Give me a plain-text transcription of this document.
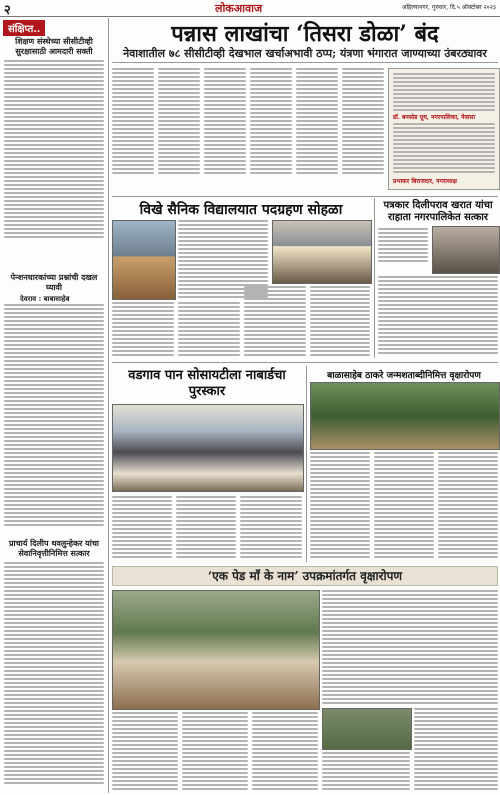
२	लोकआवाज	अहिल्यानगर, गुरुवार, दि.५ ऑक्टोबर २०२३
संक्षिप्त..
शिक्षण संस्थेच्या सीसीटीव्ही सुरक्षासाठी आमदारी सक्ती
पेन्शनधारकांच्या प्रश्नांची दखल घ्यावी
देवराव : बाबासाहेब
प्राचार्य दिलीप थवलुन्हेकर यांचा सेवानिवृत्तीनिमित्त सत्कार
पन्नास लाखांचा ‘तिसरा डोळा’ बंद
नेवाशातील ७८ सीसीटीव्ही देखभाल खर्चाअभावी ठप्प; यंत्रणा भंगारात जाण्याच्या उंबरठ्यावर
डॉ. बनसोड यूथ, नगरपालिका, नेवासा
प्रभाकर बिराजदार, नगराध्यक्ष
विखे सैनिक विद्यालयात पदग्रहण सोहळा	पत्रकार दिलीपराव खरात यांचा राहाता नगरपालिकेत सत्कार
वडगाव पान सोसायटीला नाबार्डचा पुरस्कार
बाळासाहेब ठाकरे जन्मशताब्दीनिमित्त वृक्षारोपण
‘एक पेड माँ के नाम’ उपक्रमांतर्गत वृक्षारोपण
